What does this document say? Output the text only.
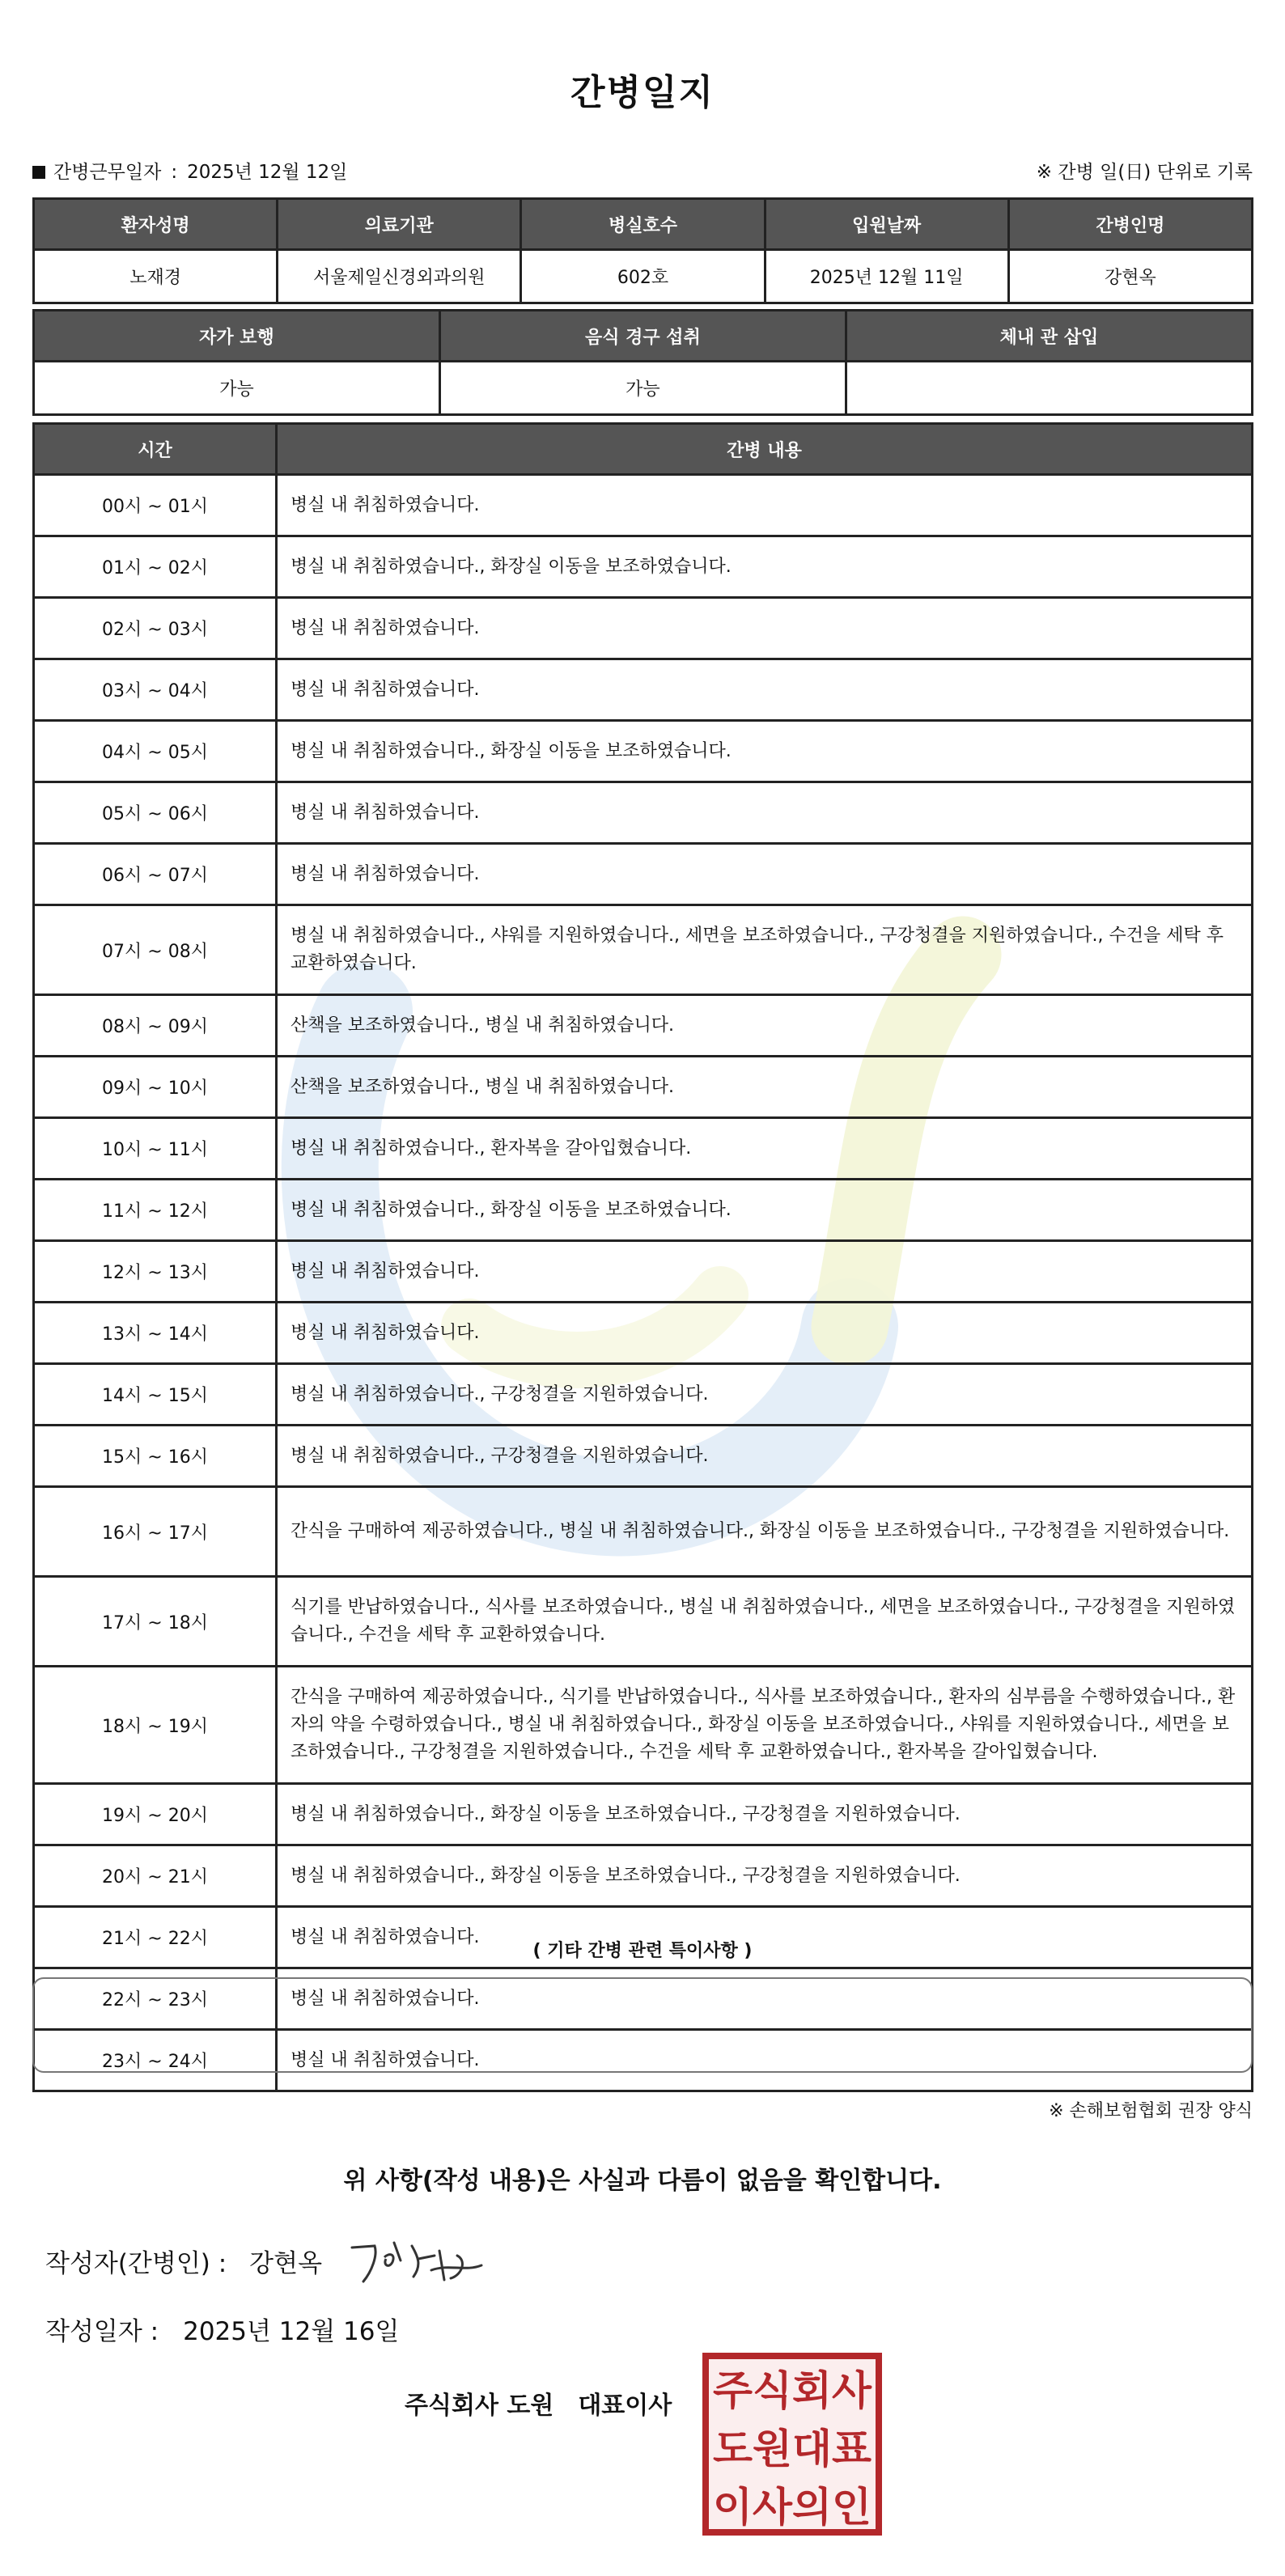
간병일지
간병근무일자 : 2025년 12월 12일	※ 간병 일(日) 단위로 기록
환자성명	의료기관	병실호수	입원날짜	간병인명
노재경	서울제일신경외과의원	602호	2025년 12월 11일	강현옥
자가 보행	음식 경구 섭취	체내 관 삽입
가능	가능	
시간	간병 내용
00시 ~ 01시	병실 내 취침하였습니다.
01시 ~ 02시	병실 내 취침하였습니다., 화장실 이동을 보조하였습니다.
02시 ~ 03시	병실 내 취침하였습니다.
03시 ~ 04시	병실 내 취침하였습니다.
04시 ~ 05시	병실 내 취침하였습니다., 화장실 이동을 보조하였습니다.
05시 ~ 06시	병실 내 취침하였습니다.
06시 ~ 07시	병실 내 취침하였습니다.
07시 ~ 08시	병실 내 취침하였습니다., 샤워를 지원하였습니다., 세면을 보조하였습니다., 구강청결을 지원하였습니다., 수건을 세탁 후 교환하였습니다.
08시 ~ 09시	산책을 보조하였습니다., 병실 내 취침하였습니다.
09시 ~ 10시	산책을 보조하였습니다., 병실 내 취침하였습니다.
10시 ~ 11시	병실 내 취침하였습니다., 환자복을 갈아입혔습니다.
11시 ~ 12시	병실 내 취침하였습니다., 화장실 이동을 보조하였습니다.
12시 ~ 13시	병실 내 취침하였습니다.
13시 ~ 14시	병실 내 취침하였습니다.
14시 ~ 15시	병실 내 취침하였습니다., 구강청결을 지원하였습니다.
15시 ~ 16시	병실 내 취침하였습니다., 구강청결을 지원하였습니다.
16시 ~ 17시	간식을 구매하여 제공하였습니다., 병실 내 취침하였습니다., 화장실 이동을 보조하였습니다., 구강청결을 지원하였습니다.
17시 ~ 18시	식기를 반납하였습니다., 식사를 보조하였습니다., 병실 내 취침하였습니다., 세면을 보조하였습니다., 구강청결을 지원하였습니다., 수건을 세탁 후 교환하였습니다.
18시 ~ 19시	간식을 구매하여 제공하였습니다., 식기를 반납하였습니다., 식사를 보조하였습니다., 환자의 심부름을 수행하였습니다., 환자의 약을 수령하였습니다., 병실 내 취침하였습니다., 화장실 이동을 보조하였습니다., 샤워를 지원하였습니다., 세면을 보조하였습니다., 구강청결을 지원하였습니다., 수건을 세탁 후 교환하였습니다., 환자복을 갈아입혔습니다.
19시 ~ 20시	병실 내 취침하였습니다., 화장실 이동을 보조하였습니다., 구강청결을 지원하였습니다.
20시 ~ 21시	병실 내 취침하였습니다., 화장실 이동을 보조하였습니다., 구강청결을 지원하였습니다.
21시 ~ 22시	병실 내 취침하였습니다.
22시 ~ 23시	병실 내 취침하였습니다.
23시 ~ 24시	병실 내 취침하였습니다.
( 기타 간병 관련 특이사항 )
※ 손해보험협회 권장 양식
위 사항(작성 내용)은 사실과 다름이 없음을 확인합니다.
작성자(간병인) : 강현옥
작성일자 : 2025년 12월 16일
주식회사 도원 대표이사 주식회사
도원대표
이사의인
